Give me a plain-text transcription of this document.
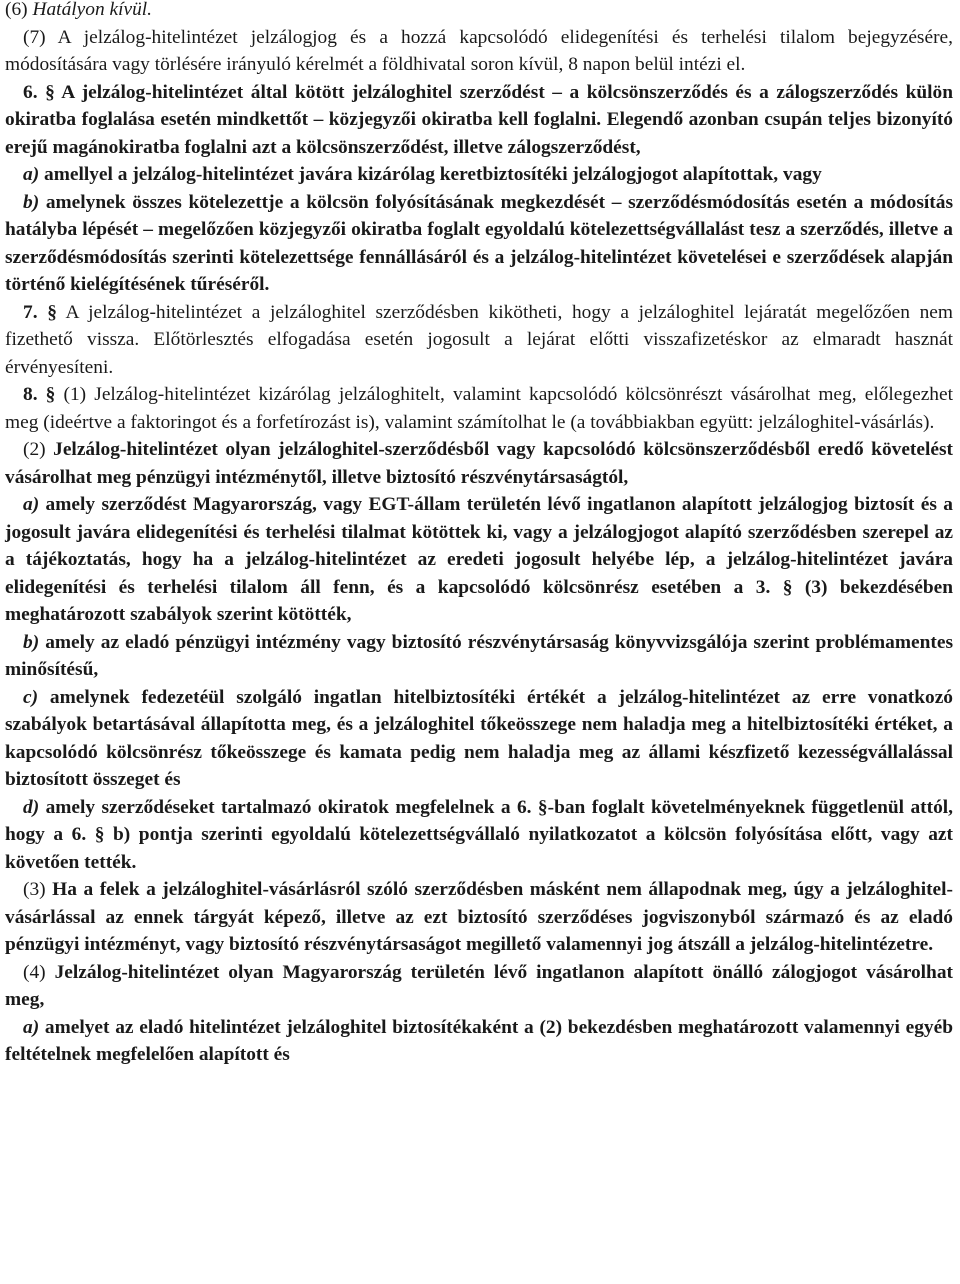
(6) Hatályon kívül.

(7) A jelzálog-hitelintézet jelzálogjog és a hozzá kapcsolódó elidegenítési és terhelési tilalom bejegyzésére, módosítására vagy törlésére irányuló kérelmét a földhivatal soron kívül, 8 napon belül intézi el.

6. § A jelzálog-hitelintézet által kötött jelzáloghitel szerződést – a kölcsönszerződés és a zálogszerződés külön okiratba foglalása esetén mindkettőt – közjegyzői okiratba kell foglalni. Elegendő azonban csupán teljes bizonyító erejű magánokiratba foglalni azt a kölcsönszerződést, illetve zálogszerződést,

a) amellyel a jelzálog-hitelintézet javára kizárólag keretbiztosítéki jelzálogjogot alapítottak, vagy

b) amelynek összes kötelezettje a kölcsön folyósításának megkezdését – szerződésmódosítás esetén a módosítás hatályba lépését – megelőzően közjegyzői okiratba foglalt egyoldalú kötelezettségvállalást tesz a szerződés, illetve a szerződésmódosítás szerinti kötelezettsége fennállásáról és a jelzálog-hitelintézet követelései e szerződések alapján történő kielégítésének tűréséről.

7. § A jelzálog-hitelintézet a jelzáloghitel szerződésben kikötheti, hogy a jelzáloghitel lejáratát megelőzően nem fizethető vissza. Előtörlesztés elfogadása esetén jogosult a lejárat előtti visszafizetéskor az elmaradt hasznát érvényesíteni.

8. § (1) Jelzálog-hitelintézet kizárólag jelzáloghitelt, valamint kapcsolódó kölcsönrészt vásárolhat meg, előlegezhet meg (ideértve a faktoringot és a forfetírozást is), valamint számítolhat le (a továbbiakban együtt: jelzáloghitel-vásárlás).

(2) Jelzálog-hitelintézet olyan jelzáloghitel-szerződésből vagy kapcsolódó kölcsönszerződésből eredő követelést vásárolhat meg pénzügyi intézménytől, illetve biztosító részvénytársaságtól,

a) amely szerződést Magyarország, vagy EGT-állam területén lévő ingatlanon alapított jelzálogjog biztosít és a jogosult javára elidegenítési és terhelési tilalmat kötöttek ki, vagy a jelzálogjogot alapító szerződésben szerepel az a tájékoztatás, hogy ha a jelzálog-hitelintézet az eredeti jogosult helyébe lép, a jelzálog-hitelintézet javára elidegenítési és terhelési tilalom áll fenn, és a kapcsolódó kölcsönrész esetében a 3. § (3) bekezdésében meghatározott szabályok szerint kötötték,

b) amely az eladó pénzügyi intézmény vagy biztosító részvénytársaság könyvvizsgálója szerint problémamentes minősítésű,

c) amelynek fedezetéül szolgáló ingatlan hitelbiztosítéki értékét a jelzálog-hitelintézet az erre vonatkozó szabályok betartásával állapította meg, és a jelzáloghitel tőkeösszege nem haladja meg a hitelbiztosítéki értéket, a kapcsolódó kölcsönrész tőkeösszege és kamata pedig nem haladja meg az állami készfizető kezességvállalással biztosított összeget és

d) amely szerződéseket tartalmazó okiratok megfelelnek a 6. §-ban foglalt követelményeknek függetlenül attól, hogy a 6. § b) pontja szerinti egyoldalú kötelezettségvállaló nyilatkozatot a kölcsön folyósítása előtt, vagy azt követően tették.

(3) Ha a felek a jelzáloghitel-vásárlásról szóló szerződésben másként nem állapodnak meg, úgy a jelzáloghitel-vásárlással az ennek tárgyát képező, illetve az ezt biztosító szerződéses jogviszonyból származó és az eladó pénzügyi intézményt, vagy biztosító részvénytársaságot megillető valamennyi jog átszáll a jelzálog-hitelintézetre.

(4) Jelzálog-hitelintézet olyan Magyarország területén lévő ingatlanon alapított önálló zálogjogot vásárolhat meg,

a) amelyet az eladó hitelintézet jelzáloghitel biztosítékaként a (2) bekezdésben meghatározott valamennyi egyéb feltételnek megfelelően alapított és
